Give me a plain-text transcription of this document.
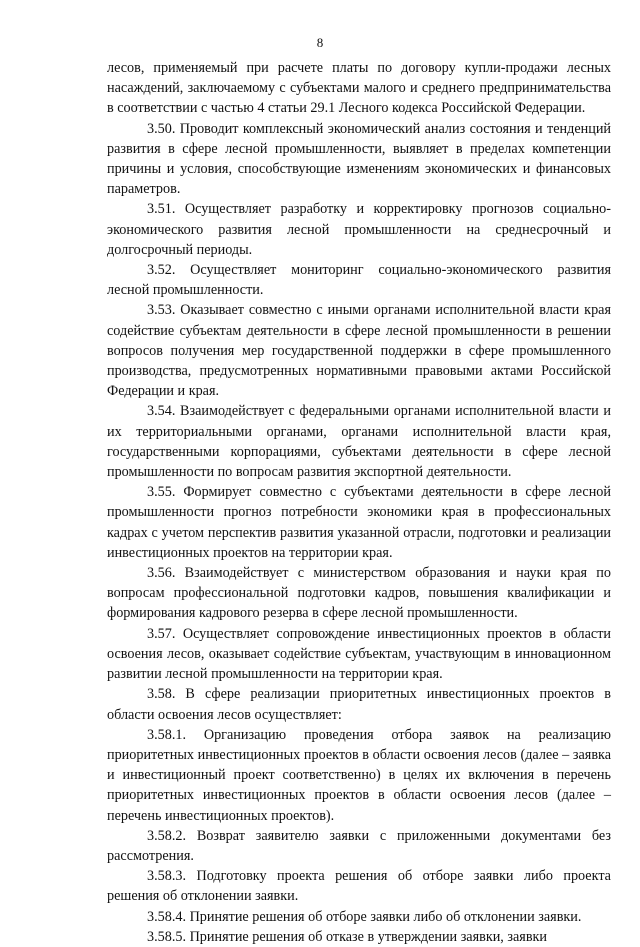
8

лесов, применяемый при расчете платы по договору купли-продажи лесных насаждений, заключаемому с субъектами малого и среднего предпринимательства в соответствии с частью 4 статьи 29.1 Лесного кодекса Российской Федерации.

3.50. Проводит комплексный экономический анализ состояния и тенденций развития в сфере лесной промышленности, выявляет в пределах компетенции причины и условия, способствующие изменениям экономических и финансовых параметров.

3.51. Осуществляет разработку и корректировку прогнозов социально-экономического развития лесной промышленности на среднесрочный и долгосрочный периоды.

3.52. Осуществляет мониторинг социально-экономического развития лесной промышленности.

3.53. Оказывает совместно с иными органами исполнительной власти края содействие субъектам деятельности в сфере лесной промышленности в решении вопросов получения мер государственной поддержки в сфере промышленного производства, предусмотренных нормативными правовыми актами Российской Федерации и края.

3.54. Взаимодействует с федеральными органами исполнительной власти и их территориальными органами, органами исполнительной власти края, государственными корпорациями, субъектами деятельности в сфере лесной промышленности по вопросам развития экспортной деятельности.

3.55. Формирует совместно с субъектами деятельности в сфере лесной промышленности прогноз потребности экономики края в профессиональных кадрах с учетом перспектив развития указанной отрасли, подготовки и реализации инвестиционных проектов на территории края.

3.56. Взаимодействует с министерством образования и науки края по вопросам профессиональной подготовки кадров, повышения квалификации и формирования кадрового резерва в сфере лесной промышленности.

3.57. Осуществляет сопровождение инвестиционных проектов в области освоения лесов, оказывает содействие субъектам, участвующим в инновационном развитии лесной промышленности на территории края.

3.58. В сфере реализации приоритетных инвестиционных проектов в области освоения лесов осуществляет:

3.58.1. Организацию проведения отбора заявок на реализацию приоритетных инвестиционных проектов в области освоения лесов (далее – заявка и инвестиционный проект соответственно) в целях их включения в перечень приоритетных инвестиционных проектов в области освоения лесов (далее – перечень инвестиционных проектов).

3.58.2. Возврат заявителю заявки с приложенными документами без рассмотрения.

3.58.3. Подготовку проекта решения об отборе заявки либо проекта решения об отклонении заявки.

3.58.4. Принятие решения об отборе заявки либо об отклонении заявки.

3.58.5. Принятие решения об отказе в утверждении заявки, заявки
